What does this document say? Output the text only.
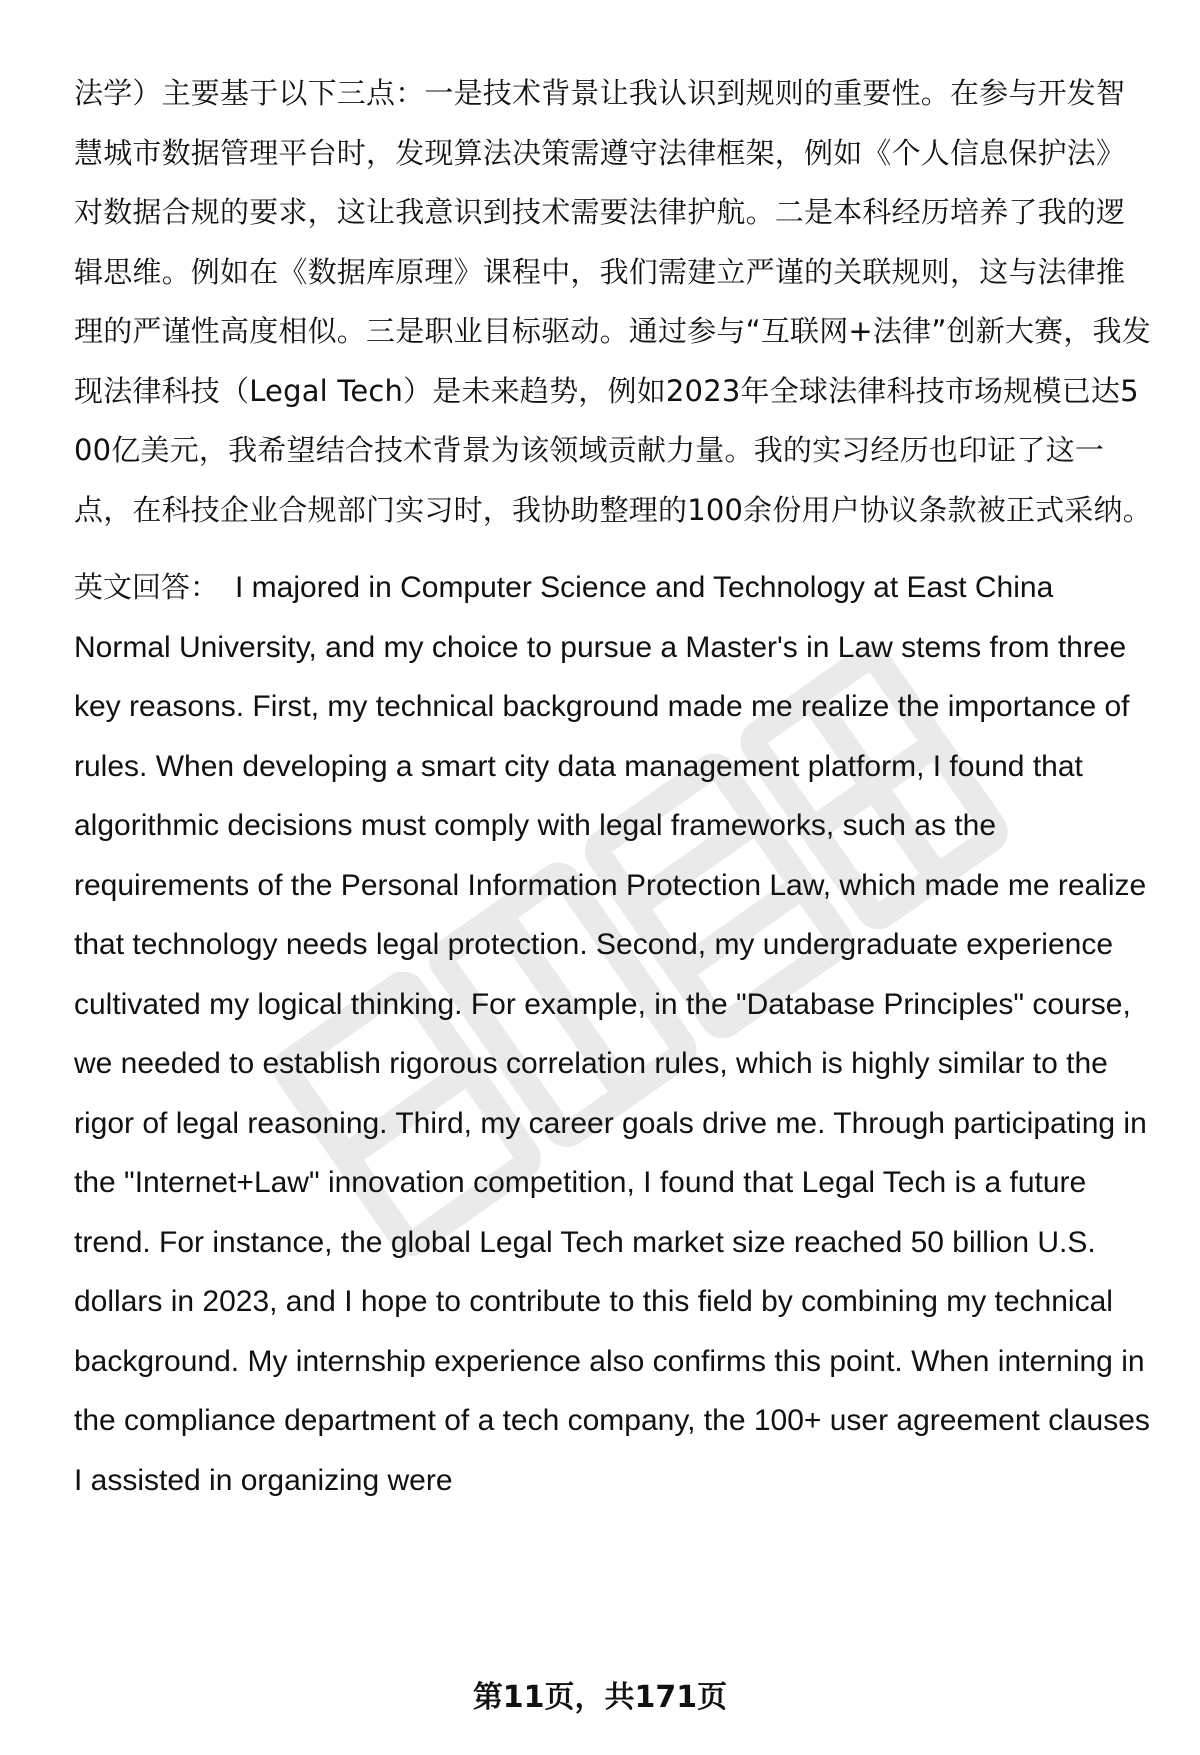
法学）主要基于以下三点：一是技术背景让我认识到规则的重要性。在参与开发智慧城市数据管理平台时，发现算法决策需遵守法律框架，例如《个人信息保护法》对数据合规的要求，这让我意识到技术需要法律护航。二是本科经历培养了我的逻辑思维。例如在《数据库原理》课程中，我们需建立严谨的关联规则，这与法律推理的严谨性高度相似。三是职业目标驱动。通过参与“互联网+法律”创新大赛，我发现法律科技（Legal Tech）是未来趋势，例如2023年全球法律科技市场规模已达500亿美元，我希望结合技术背景为该领域贡献力量。我的实习经历也印证了这一点，在科技企业合规部门实习时，我协助整理的100余份用户协议条款被正式采纳。

英文回答： I majored in Computer Science and Technology at East China Normal University, and my choice to pursue a Master's in Law stems from three key reasons. First, my technical background made me realize the importance of rules. When developing a smart city data management platform, I found that algorithmic decisions must comply with legal frameworks, such as the requirements of the Personal Information Protection Law, which made me realize that technology needs legal protection. Second, my undergraduate experience cultivated my logical thinking. For example, in the "Database Principles" course, we needed to establish rigorous correlation rules, which is highly similar to the rigor of legal reasoning. Third, my career goals drive me. Through participating in the "Internet+Law" innovation competition, I found that Legal Tech is a future trend. For instance, the global Legal Tech market size reached 50 billion U.S. dollars in 2023, and I hope to contribute to this field by combining my technical background. My internship experience also confirms this point. When interning in the compliance department of a tech company, the 100+ user agreement clauses I assisted in organizing were

第11页，共171页
